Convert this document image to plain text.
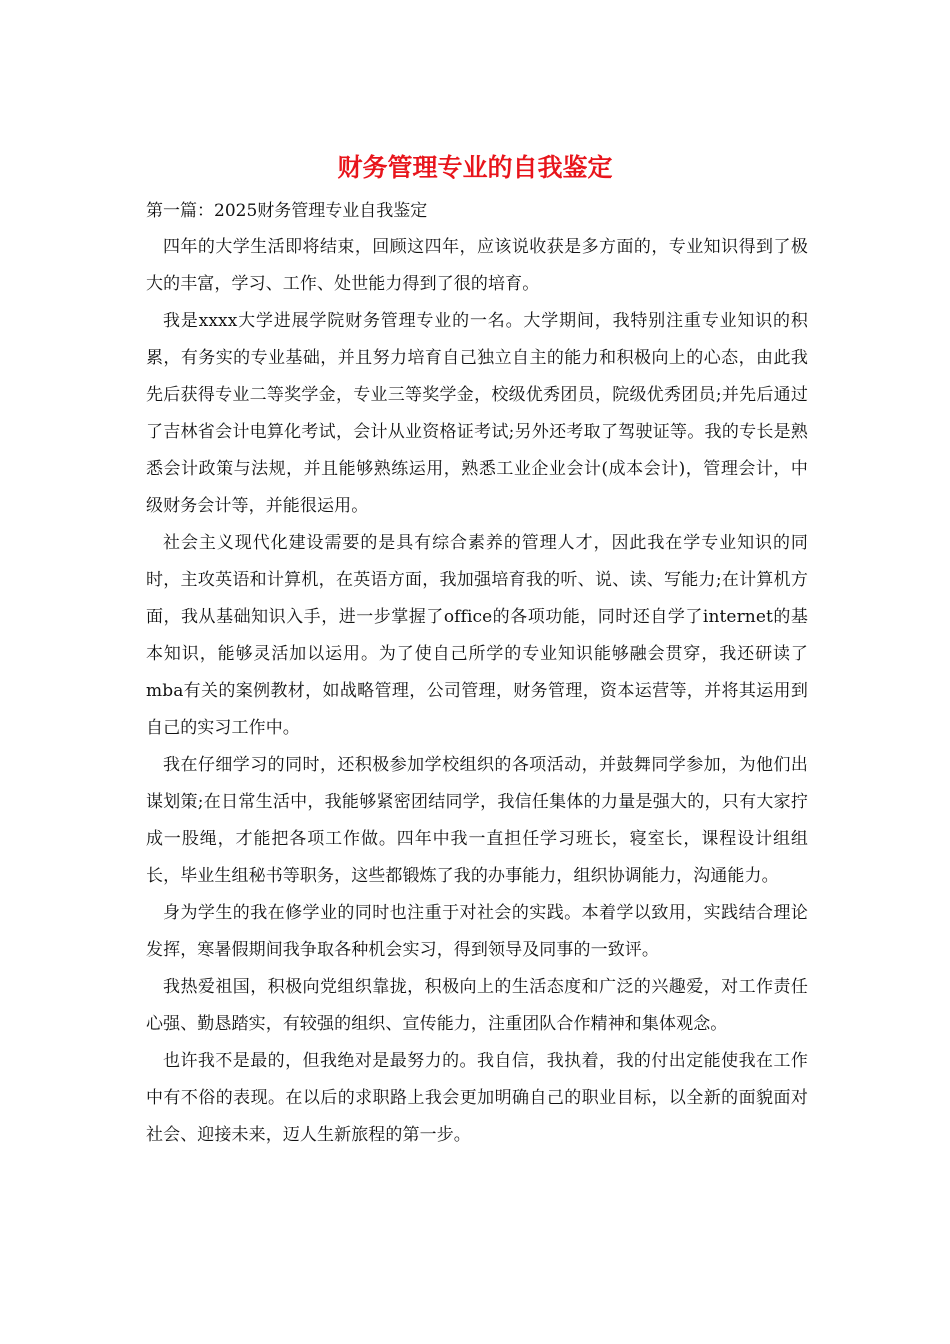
财务管理专业的自我鉴定

第一篇：2025财务管理专业自我鉴定

四年的大学生活即将结束，回顾这四年，应该说收获是多方面的，专业知识得到了极大的丰富，学习、工作、处世能力得到了很的培育。

我是xxxx大学进展学院财务管理专业的一名。大学期间，我特别注重专业知识的积累，有务实的专业基础，并且努力培育自己独立自主的能力和积极向上的心态，由此我先后获得专业二等奖学金，专业三等奖学金，校级优秀团员，院级优秀团员;并先后通过了吉林省会计电算化考试，会计从业资格证考试;另外还考取了驾驶证等。我的专长是熟悉会计政策与法规，并且能够熟练运用，熟悉工业企业会计(成本会计)，管理会计，中级财务会计等，并能很运用。

社会主义现代化建设需要的是具有综合素养的管理人才，因此我在学专业知识的同时，主攻英语和计算机，在英语方面，我加强培育我的听、说、读、写能力;在计算机方面，我从基础知识入手，进一步掌握了office的各项功能，同时还自学了internet的基本知识，能够灵活加以运用。为了使自己所学的专业知识能够融会贯穿，我还研读了mba有关的案例教材，如战略管理，公司管理，财务管理，资本运营等，并将其运用到自己的实习工作中。

我在仔细学习的同时，还积极参加学校组织的各项活动，并鼓舞同学参加，为他们出谋划策;在日常生活中，我能够紧密团结同学，我信任集体的力量是强大的，只有大家拧成一股绳，才能把各项工作做。四年中我一直担任学习班长，寝室长，课程设计组组长，毕业生组秘书等职务，这些都锻炼了我的办事能力，组织协调能力，沟通能力。

身为学生的我在修学业的同时也注重于对社会的实践。本着学以致用，实践结合理论发挥，寒暑假期间我争取各种机会实习，得到领导及同事的一致评。

我热爱祖国，积极向党组织靠拢，积极向上的生活态度和广泛的兴趣爱，对工作责任心强、勤恳踏实，有较强的组织、宣传能力，注重团队合作精神和集体观念。

也许我不是最的，但我绝对是最努力的。我自信，我执着，我的付出定能使我在工作中有不俗的表现。在以后的求职路上我会更加明确自己的职业目标，以全新的面貌面对社会、迎接未来，迈人生新旅程的第一步。
